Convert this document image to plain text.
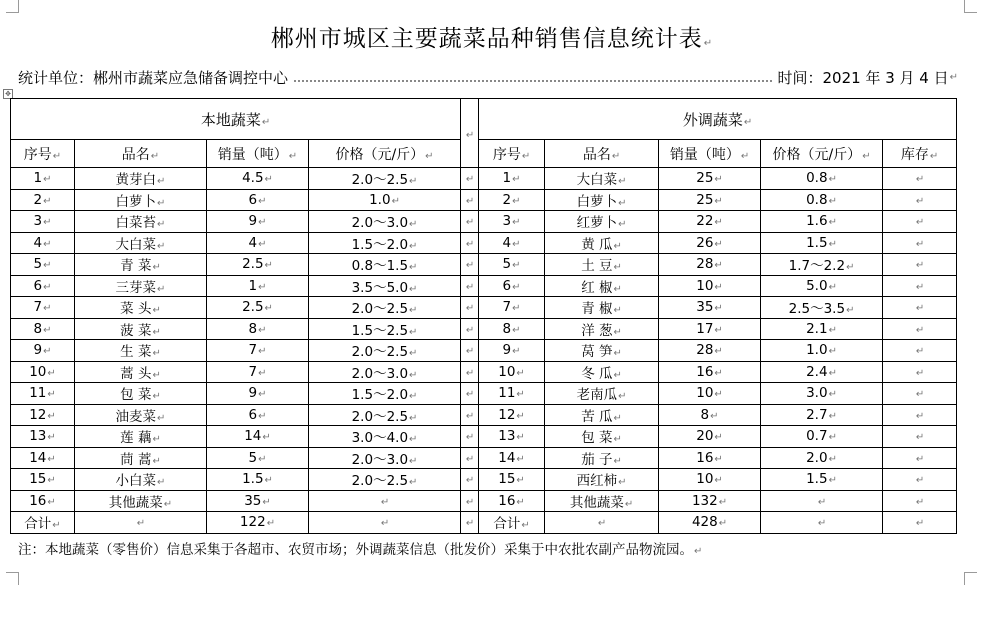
郴州市城区主要蔬菜品种销售信息统计表↵
统计单位：郴州市蔬菜应急储备调控中心	时间：2021 年 3 月 4 日 ↵
✥
本地蔬菜↵				↵	外调蔬菜↵				
序号↵	品名↵	销量（吨）↵	价格（元/斤）↵		序号↵	品名↵	销量（吨）↵	价格（元/斤）↵	库存↵
1↵	黄芽白↵	4.5↵	2.0～2.5↵	↵	1↵	大白菜↵	25↵	0.8↵	↵
2↵	白萝卜↵	6↵	1.0↵	↵	2↵	白萝卜↵	25↵	0.8↵	↵
3↵	白菜苔↵	9↵	2.0～3.0↵	↵	3↵	红萝卜↵	22↵	1.6↵	↵
4↵	大白菜↵	4↵	1.5～2.0↵	↵	4↵	黄 瓜↵	26↵	1.5↵	↵
5↵	青 菜↵	2.5↵	0.8～1.5↵	↵	5↵	土 豆↵	28↵	1.7～2.2↵	↵
6↵	三芽菜↵	1↵	3.5～5.0↵	↵	6↵	红 椒↵	10↵	5.0↵	↵
7↵	菜 头↵	2.5↵	2.0～2.5↵	↵	7↵	青 椒↵	35↵	2.5～3.5↵	↵
8↵	菠 菜↵	8↵	1.5～2.5↵	↵	8↵	洋 葱↵	17↵	2.1↵	↵
9↵	生 菜↵	7↵	2.0～2.5↵	↵	9↵	莴 笋↵	28↵	1.0↵	↵
10↵	蒿 头↵	7↵	2.0～3.0↵	↵	10↵	冬 瓜↵	16↵	2.4↵	↵
11↵	包 菜↵	9↵	1.5～2.0↵	↵	11↵	老南瓜↵	10↵	3.0↵	↵
12↵	油麦菜↵	6↵	2.0～2.5↵	↵	12↵	苦 瓜↵	8↵	2.7↵	↵
13↵	莲 藕↵	14↵	3.0～4.0↵	↵	13↵	包 菜↵	20↵	0.7↵	↵
14↵	茼 蒿↵	5↵	2.0～3.0↵	↵	14↵	茄 子↵	16↵	2.0↵	↵
15↵	小白菜↵	1.5↵	2.0～2.5↵	↵	15↵	西红柿↵	10↵	1.5↵	↵
16↵	其他蔬菜↵	35↵	↵	↵	16↵	其他蔬菜↵	132↵	↵	↵
合计↵	↵	122↵	↵	↵	合计↵	↵	428↵	↵	↵
注：本地蔬菜（零售价）信息采集于各超市、农贸市场；外调蔬菜信息（批发价）采集于中农批农副产品物流园。↵
